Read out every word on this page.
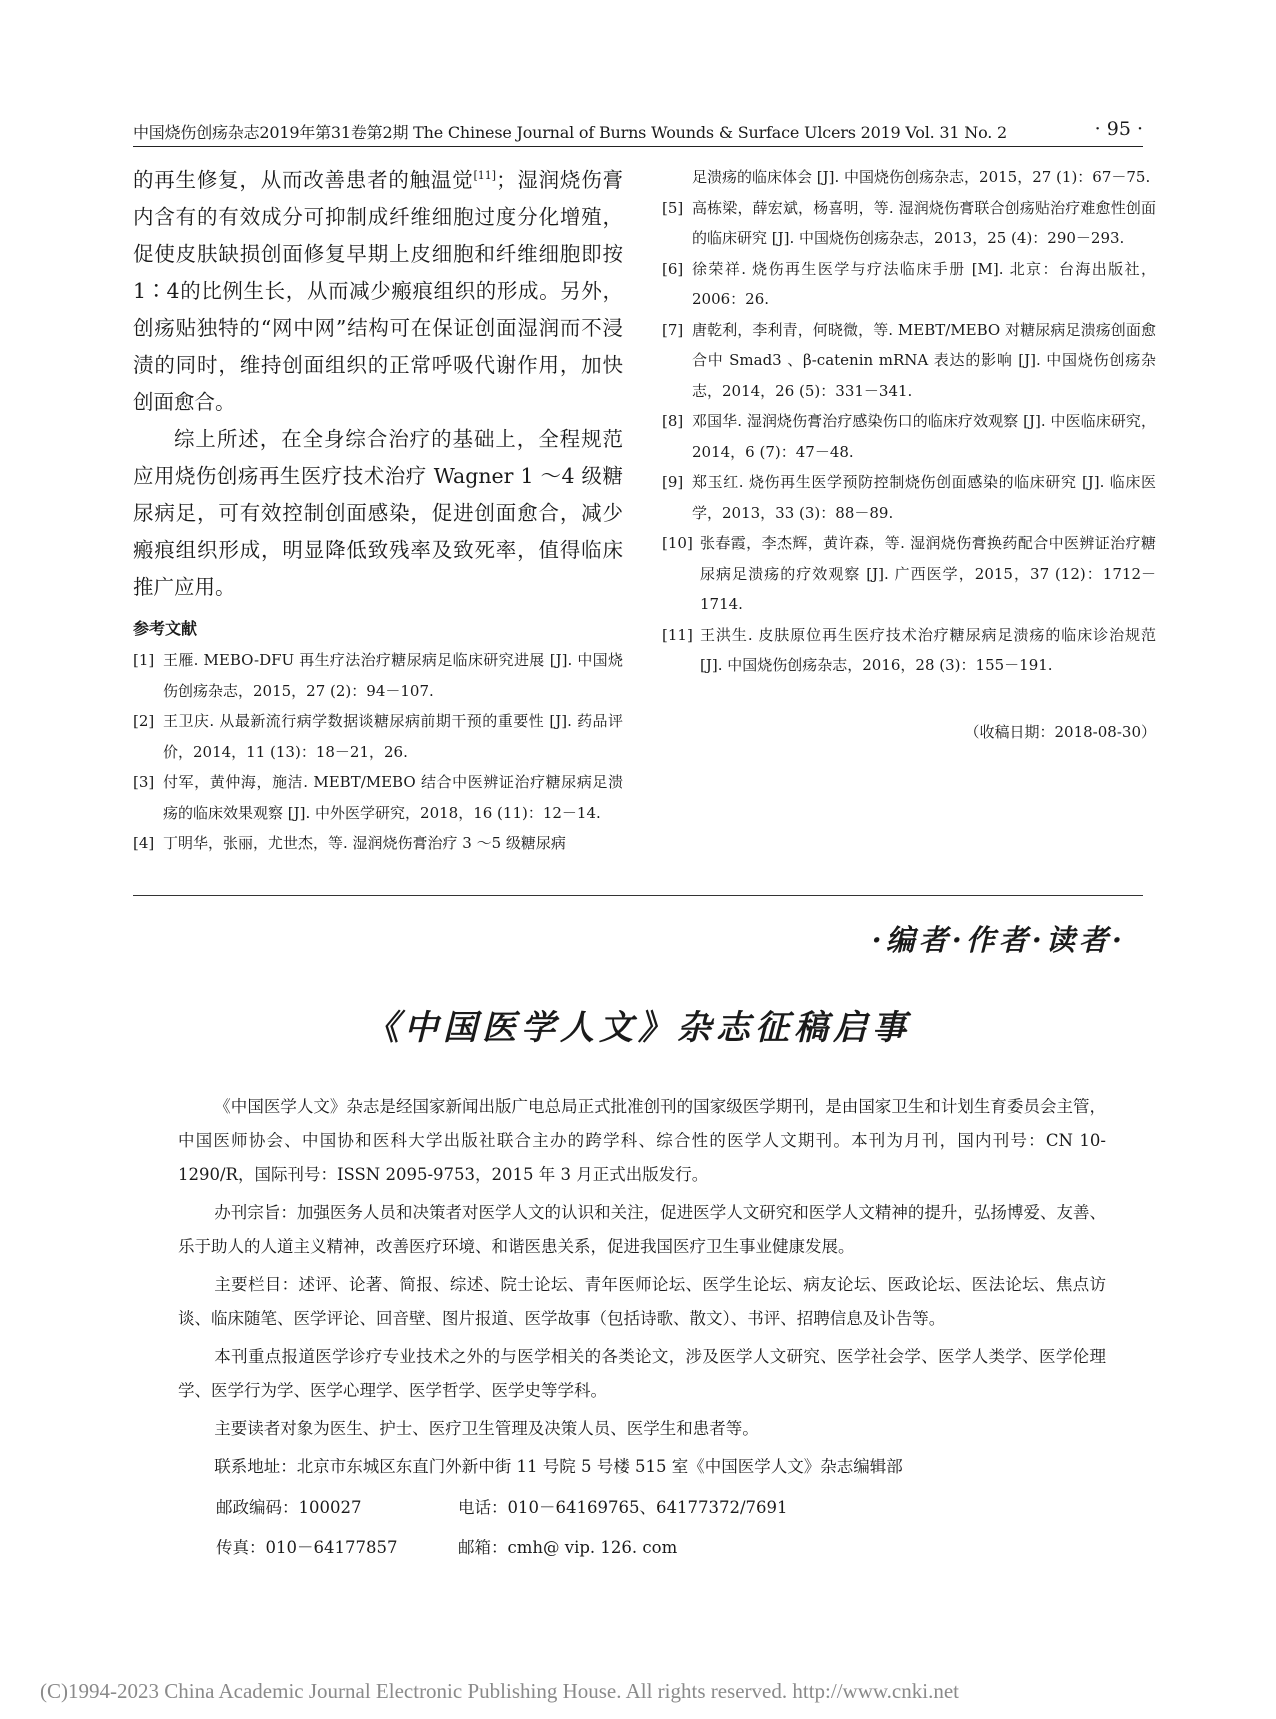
中国烧伤创疡杂志2019年第31卷第2期 The Chinese Journal of Burns Wounds & Surface Ulcers 2019 Vol. 31 No. 2	· 95 ·

的再生修复，从而改善患者的触温觉[11]；湿润烧伤膏内含有的有效成分可抑制成纤维细胞过度分化增殖，促使皮肤缺损创面修复早期上皮细胞和纤维细胞即按1∶4的比例生长，从而减少瘢痕组织的形成。另外，创疡贴独特的“网中网”结构可在保证创面湿润而不浸渍的同时，维持创面组织的正常呼吸代谢作用，加快创面愈合。

综上所述，在全身综合治疗的基础上，全程规范应用烧伤创疡再生医疗技术治疗 Wagner 1 ～4 级糖尿病足，可有效控制创面感染，促进创面愈合，减少瘢痕组织形成，明显降低致残率及致死率，值得临床推广应用。

参考文献

[1] 王雁. MEBO-DFU 再生疗法治疗糖尿病足临床研究进展 [J]. 中国烧伤创疡杂志，2015，27 (2)：94－107.

[2] 王卫庆. 从最新流行病学数据谈糖尿病前期干预的重要性 [J]. 药品评价，2014，11 (13)：18－21，26.

[3] 付军，黄仲海，施洁. MEBT/MEBO 结合中医辨证治疗糖尿病足溃疡的临床效果观察 [J]. 中外医学研究，2018，16 (11)：12－14.

[4] 丁明华，张丽，尤世杰，等. 湿润烧伤膏治疗 3 ～5 级糖尿病

足溃疡的临床体会 [J]. 中国烧伤创疡杂志，2015，27 (1)：67－75.

[5] 高栋梁，薛宏斌，杨喜明，等. 湿润烧伤膏联合创疡贴治疗难愈性创面的临床研究 [J]. 中国烧伤创疡杂志，2013，25 (4)：290－293.

[6] 徐荣祥. 烧伤再生医学与疗法临床手册 [M]. 北京：台海出版社，2006：26.

[7] 唐乾利，李利青，何晓微，等. MEBT/MEBO 对糖尿病足溃疡创面愈合中 Smad3 、β-catenin mRNA 表达的影响 [J]. 中国烧伤创疡杂志，2014，26 (5)：331－341.

[8] 邓国华. 湿润烧伤膏治疗感染伤口的临床疗效观察 [J]. 中医临床研究，2014，6 (7)：47－48.

[9] 郑玉红. 烧伤再生医学预防控制烧伤创面感染的临床研究 [J]. 临床医学，2013，33 (3)：88－89.

[10] 张春霞，李杰辉，黄许森，等. 湿润烧伤膏换药配合中医辨证治疗糖尿病足溃疡的疗效观察 [J]. 广西医学，2015，37 (12)：1712－1714.

[11] 王洪生. 皮肤原位再生医疗技术治疗糖尿病足溃疡的临床诊治规范 [J]. 中国烧伤创疡杂志，2016，28 (3)：155－191.

（收稿日期：2018-08-30）
·编者·作者·读者·
《中国医学人文》杂志征稿启事

《中国医学人文》杂志是经国家新闻出版广电总局正式批准创刊的国家级医学期刊，是由国家卫生和计划生育委员会主管，中国医师协会、中国协和医科大学出版社联合主办的跨学科、综合性的医学人文期刊。本刊为月刊，国内刊号：CN 10-1290/R，国际刊号：ISSN 2095-9753，2015 年 3 月正式出版发行。

办刊宗旨：加强医务人员和决策者对医学人文的认识和关注，促进医学人文研究和医学人文精神的提升，弘扬博爱、友善、乐于助人的人道主义精神，改善医疗环境、和谐医患关系，促进我国医疗卫生事业健康发展。

主要栏目：述评、论著、简报、综述、院士论坛、青年医师论坛、医学生论坛、病友论坛、医政论坛、医法论坛、焦点访谈、临床随笔、医学评论、回音壁、图片报道、医学故事（包括诗歌、散文）、书评、招聘信息及讣告等。

本刊重点报道医学诊疗专业技术之外的与医学相关的各类论文，涉及医学人文研究、医学社会学、医学人类学、医学伦理学、医学行为学、医学心理学、医学哲学、医学史等学科。

主要读者对象为医生、护士、医疗卫生管理及决策人员、医学生和患者等。

联系地址：北京市东城区东直门外新中街 11 号院 5 号楼 515 室《中国医学人文》杂志编辑部

邮政编码：100027	电话：010－64169765、64177372/7691
传真：010－64177857	邮箱：cmh@ vip. 126. com
(C)1994-2023 China Academic Journal Electronic Publishing House. All rights reserved. http://www.cnki.net
